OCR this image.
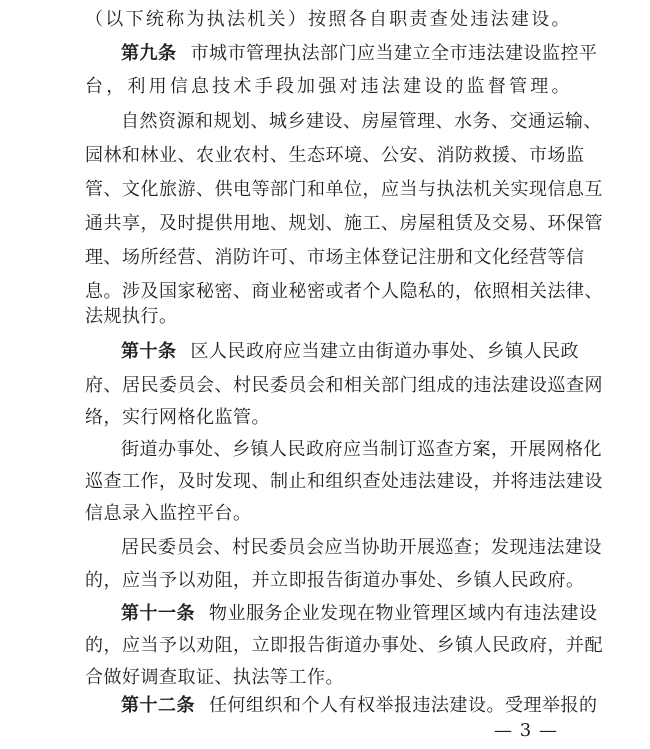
（以下统称为执法机关）按照各自职责查处违法建设。
第九条 市城市管理执法部门应当建立全市违法建设监控平
台，利用信息技术手段加强对违法建设的监督管理。
自然资源和规划、城乡建设、房屋管理、水务、交通运输、
园林和林业、农业农村、生态环境、公安、消防救援、市场监
管、文化旅游、供电等部门和单位，应当与执法机关实现信息互
通共享，及时提供用地、规划、施工、房屋租赁及交易、环保管
理、场所经营、消防许可、市场主体登记注册和文化经营等信
息。涉及国家秘密、商业秘密或者个人隐私的，依照相关法律、
法规执行。
第十条 区人民政府应当建立由街道办事处、乡镇人民政
府、居民委员会、村民委员会和相关部门组成的违法建设巡查网
络，实行网格化监管。
街道办事处、乡镇人民政府应当制订巡查方案，开展网格化
巡查工作，及时发现、制止和组织查处违法建设，并将违法建设
信息录入监控平台。
居民委员会、村民委员会应当协助开展巡查；发现违法建设
的，应当予以劝阻，并立即报告街道办事处、乡镇人民政府。
第十一条 物业服务企业发现在物业管理区域内有违法建设
的，应当予以劝阻，立即报告街道办事处、乡镇人民政府，并配
合做好调查取证、执法等工作。
第十二条 任何组织和个人有权举报违法建设。受理举报的
— 3 —
